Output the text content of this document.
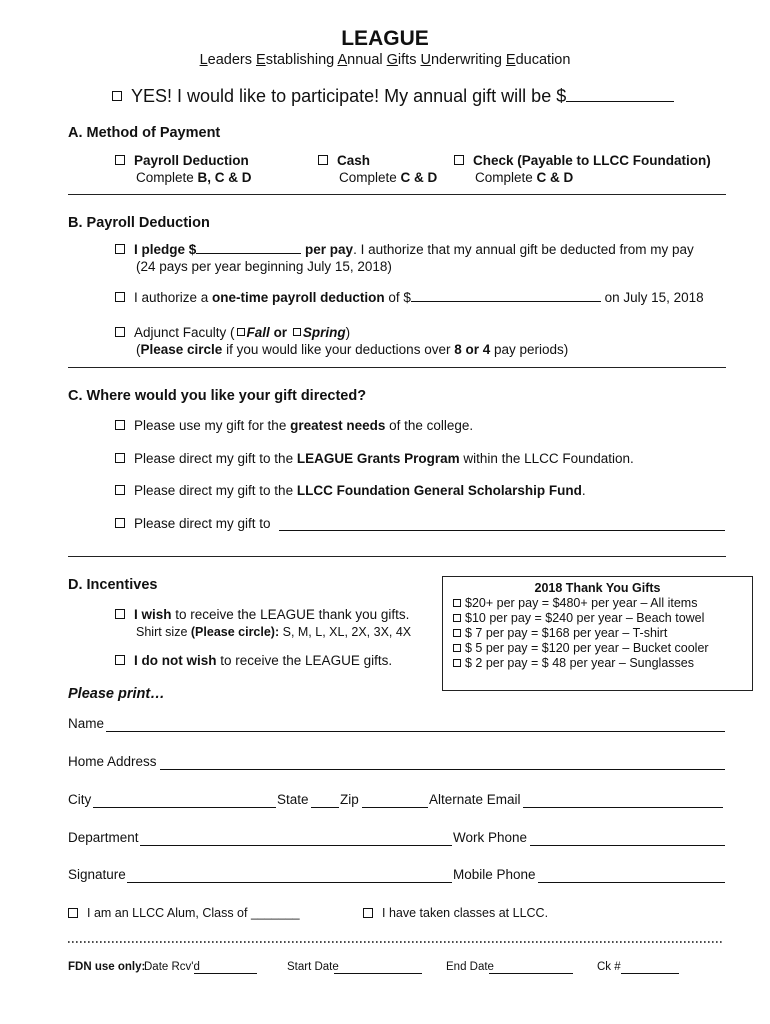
LEAGUE
Leaders Establishing Annual Gifts Underwriting Education
YES! I would like to participate! My annual gift will be $
A. Method of Payment
Payroll Deduction
Complete B, C & D
Cash
Complete C & D
Check (Payable to LLCC Foundation)
Complete C & D
B. Payroll Deduction
I pledge $	per pay. I authorize that my annual gift be deducted from my pay
(24 pays per year beginning July 15, 2018)
I authorize a one-time payroll deduction of $	on July 15, 2018
Adjunct Faculty ( Fall or Spring)
(Please circle if you would like your deductions over 8 or 4 pay periods)
C. Where would you like your gift directed?
Please use my gift for the greatest needs of the college.
Please direct my gift to the LEAGUE Grants Program within the LLCC Foundation.
Please direct my gift to the LLCC Foundation General Scholarship Fund.
Please direct my gift to
D. Incentives
I wish to receive the LEAGUE thank you gifts.
Shirt size (Please circle): S, M, L, XL, 2X, 3X, 4X
I do not wish to receive the LEAGUE gifts.
2018 Thank You Gifts
$20+ per pay = $480+ per year – All items
$10 per pay = $240 per year – Beach towel
$ 7 per pay = $168 per year – T-shirt
$ 5 per pay = $120 per year – Bucket cooler
$ 2 per pay = $ 48 per year – Sunglasses
Please print…
Name
Home Address
City	State Zip	Alternate Email
Department	Work Phone
Signature	Mobile Phone
I am an LLCC Alum, Class of _______	I have taken classes at LLCC.
FDN use only:
Date Rcv'd	Start Date	End Date	Ck #
